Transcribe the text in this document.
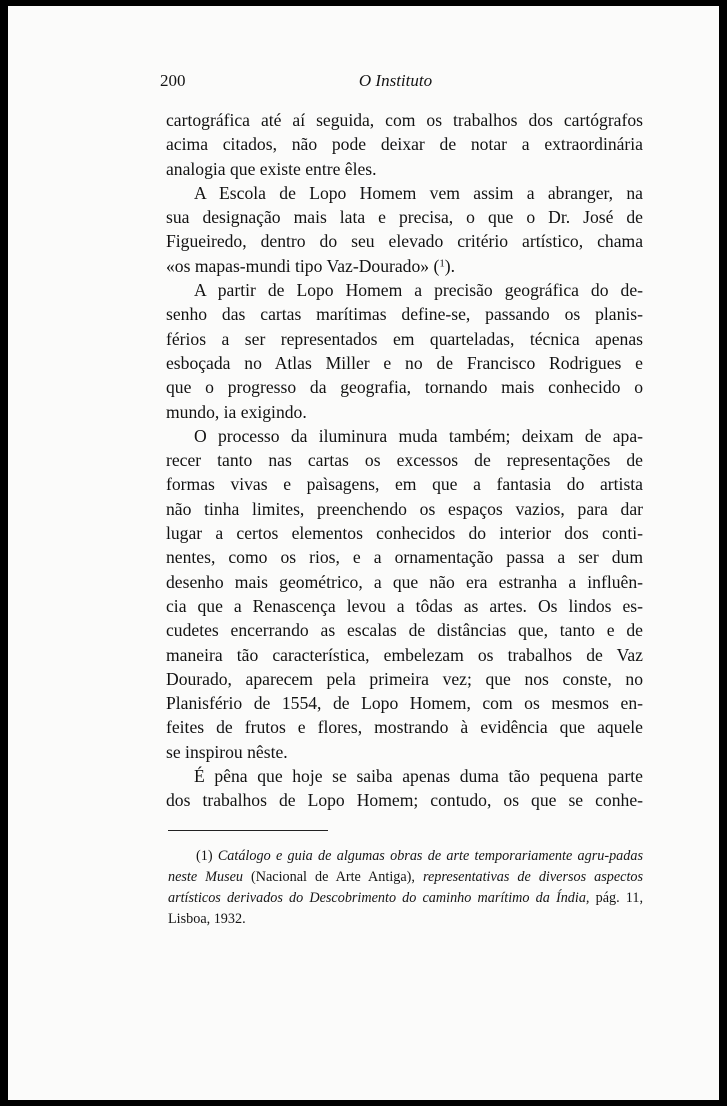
200	O Instituto

cartográfica até aí seguida, com os trabalhos dos cartógrafos

acima citados, não pode deixar de notar a extraordinária

analogia que existe entre êles.

A Escola de Lopo Homem vem assim a abranger, na

sua designação mais lata e precisa, o que o Dr. José de

Figueiredo, dentro do seu elevado critério artístico, chama

«os mapas-mundi tipo Vaz-Dourado» ($^1$).

A partir de Lopo Homem a precisão geográfica do de-

senho das cartas marítimas define-se, passando os planis-

férios a ser representados em quarteladas, técnica apenas

esboçada no Atlas Miller e no de Francisco Rodrigues e

que o progresso da geografia, tornando mais conhecido o

mundo, ia exigindo.

O processo da iluminura muda também; deixam de apa-

recer tanto nas cartas os excessos de representações de

formas vivas e paìsagens, em que a fantasia do artista

não tinha limites, preenchendo os espaços vazios, para dar

lugar a certos elementos conhecidos do interior dos conti-

nentes, como os rios, e a ornamentação passa a ser dum

desenho mais geométrico, a que não era estranha a influên-

cia que a Renascença levou a tôdas as artes. Os lindos es-

cudetes encerrando as escalas de distâncias que, tanto e de

maneira tão característica, embelezam os trabalhos de Vaz

Dourado, aparecem pela primeira vez; que nos conste, no

Planisfério de 1554, de Lopo Homem, com os mesmos en-

feites de frutos e flores, mostrando à evidência que aquele

se inspirou nêste.

É pêna que hoje se saiba apenas duma tão pequena parte

dos trabalhos de Lopo Homem; contudo, os que se conhe-

(1) Catálogo e guia de algumas obras de arte temporariamente agru-padas neste Museu (Nacional de Arte Antiga), representativas de diversos aspectos artísticos derivados do Descobrimento do caminho marítimo da Índia, pág. 11, Lisboa, 1932.
